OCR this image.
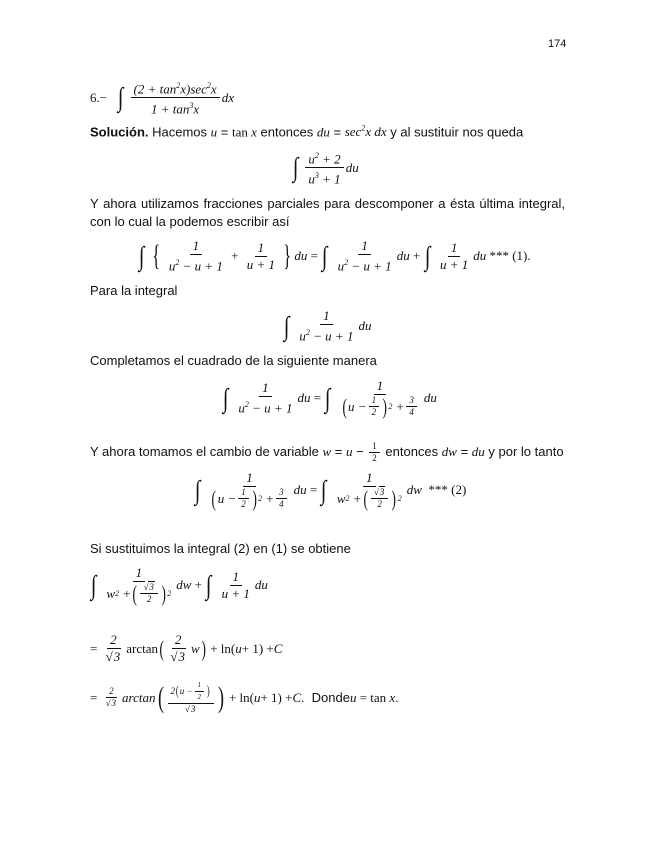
174
6.− ∫ $\frac{(2 + \tan^2x)\sec^2x}{1 + \tan^3x}$ dx
Solución. Hacemos u = tan x entonces du = $\sec^2x$ dx y al sustituir nos queda
∫ $\frac{u^2 + 2}{u^3 + 1}$ du
Y ahora utilizamos fracciones parciales para descomponer a ésta última integral, con lo cual la podemos escribir así
∫ { $\frac{1}{u^2 - u + 1} + \frac{1}{u + 1}$ } du = ∫ $\frac{1}{u^2 - u + 1}$ du + ∫ $\frac{1}{u + 1}$ du *** (1).
Para la integral
∫ $\frac{1}{u^2 - u + 1}$ du
Completamos el cuadrado de la siguiente manera
∫ $\frac{1}{u^2 - u + 1}$ du = ∫ $\frac{1}{( u - \frac{1}{2} ) 2 + \frac{3}{4}}$ du
Y ahora tomamos el cambio de variable $w = u - \frac{1}{2}$ entonces dw = du y por lo tanto
∫ $\frac{1}{( u - \frac{1}{2} ) 2 + \frac{3}{4}}$ du = ∫ $\frac{1}{w 2 + ( \frac{√3}{2} ) 2}$ dw *** (2)
Si sustituimos la integral (2) en (1) se obtiene
∫ $\frac{1}{w 2 + ( \frac{√3}{2} ) 2}$ dw + ∫ $\frac{1}{u + 1}$ du
= $\frac{2}{√3}$ arctan ( $\frac{2}{√3}$ w ) + ln( u + 1) + C
= $\frac{2}{√3}$ arctan ( $\frac{2 ( u - \frac{1}{2} )}{√3}$ ) + ln( u + 1) + C . Donde u = tan x .
